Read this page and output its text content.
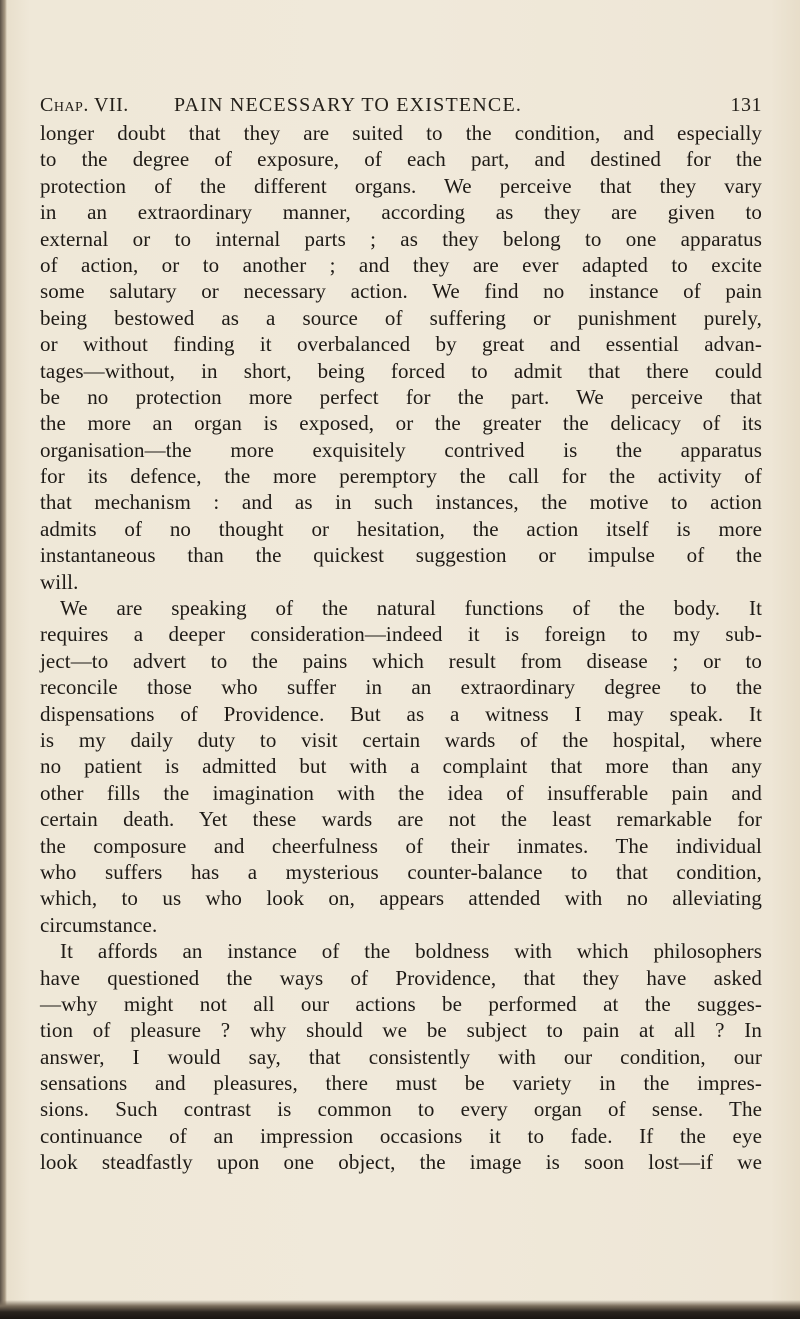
Chap. VII. PAIN NECESSARY TO EXISTENCE.	131
longer doubt that they are suited to the condition, and especially
to the degree of exposure, of each part, and destined for the
protection of the different organs. We perceive that they vary
in an extraordinary manner, according as they are given to
external or to internal parts ; as they belong to one apparatus
of action, or to another ; and they are ever adapted to excite
some salutary or necessary action. We find no instance of pain
being bestowed as a source of suffering or punishment purely,
or without finding it overbalanced by great and essential advan-
tages—without, in short, being forced to admit that there could
be no protection more perfect for the part. We perceive that
the more an organ is exposed, or the greater the delicacy of its
organisation—the more exquisitely contrived is the apparatus
for its defence, the more peremptory the call for the activity of
that mechanism : and as in such instances, the motive to action
admits of no thought or hesitation, the action itself is more
instantaneous than the quickest suggestion or impulse of the
will.
We are speaking of the natural functions of the body. It
requires a deeper consideration—indeed it is foreign to my sub-
ject—to advert to the pains which result from disease ; or to
reconcile those who suffer in an extraordinary degree to the
dispensations of Providence. But as a witness I may speak. It
is my daily duty to visit certain wards of the hospital, where
no patient is admitted but with a complaint that more than any
other fills the imagination with the idea of insufferable pain and
certain death. Yet these wards are not the least remarkable for
the composure and cheerfulness of their inmates. The individual
who suffers has a mysterious counter-balance to that condition,
which, to us who look on, appears attended with no alleviating
circumstance.
It affords an instance of the boldness with which philosophers
have questioned the ways of Providence, that they have asked
—why might not all our actions be performed at the sugges-
tion of pleasure ? why should we be subject to pain at all ? In
answer, I would say, that consistently with our condition, our
sensations and pleasures, there must be variety in the impres-
sions. Such contrast is common to every organ of sense. The
continuance of an impression occasions it to fade. If the eye
look steadfastly upon one object, the image is soon lost—if we
